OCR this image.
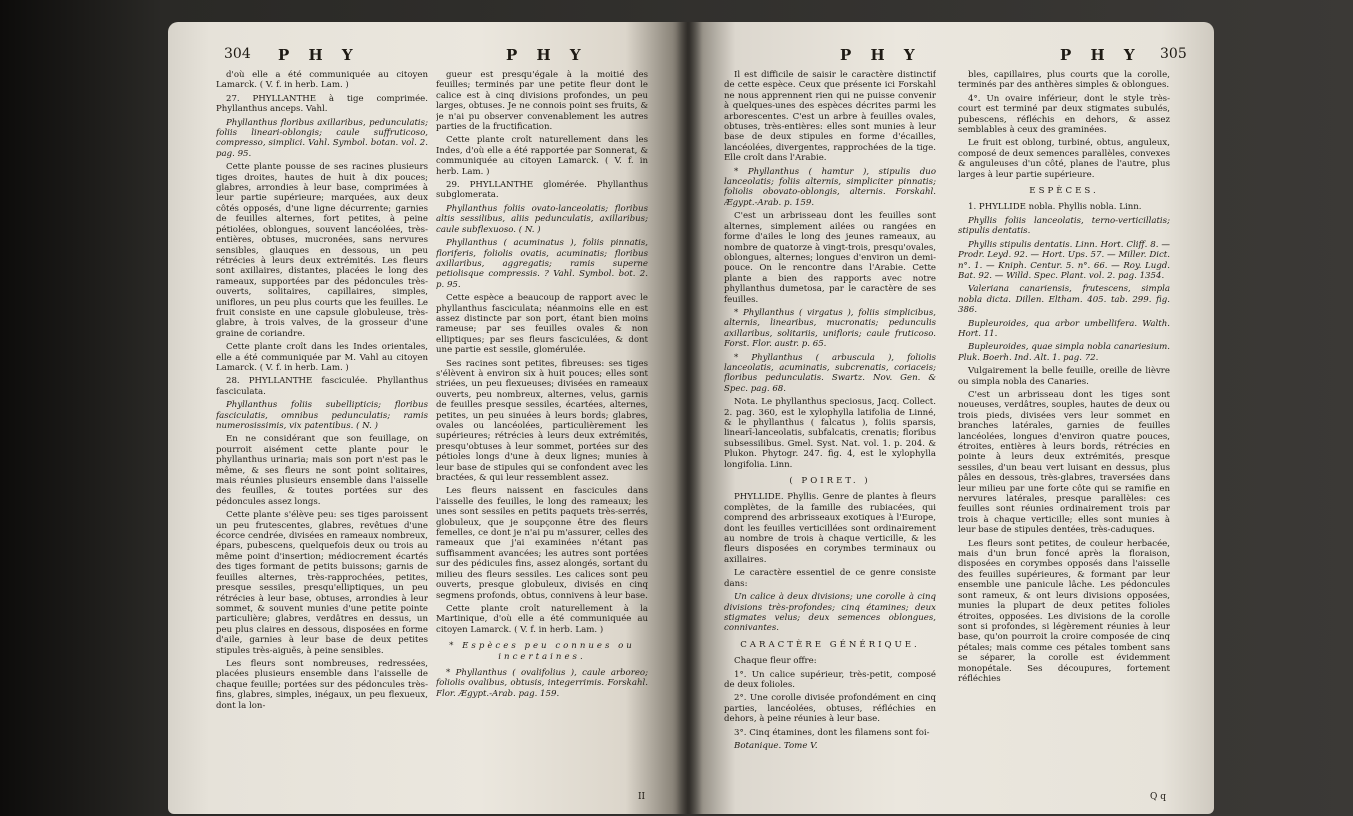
304 P H Y	P H Y

d'où elle a été communiquée au citoyen Lamarck. ( V. f. in herb. Lam. )

27. PHYLLANTHE à tige comprimée. Phyllanthus anceps. Vahl.

Phyllanthus floribus axillaribus, pedunculatis; foliis lineari-oblongis; caule suffruticoso, compresso, simplici. Vahl. Symbol. botan. vol. 2. pag. 95.

Cette plante pousse de ses racines plusieurs tiges droites, hautes de huit à dix pouces; glabres, arrondies à leur base, comprimées à leur partie supérieure; marquées, aux deux côtés opposés, d'une ligne décurrente; garnies de feuilles alternes, fort petites, à peine pétiolées, oblongues, souvent lancéolées, très-entières, obtuses, mucronées, sans nervures sensibles, glauques en dessous, un peu rétrécies à leurs deux extrémités. Les fleurs sont axillaires, distantes, placées le long des rameaux, supportées par des pédoncules très-ouverts, solitaires, capillaires, simples, uniflores, un peu plus courts que les feuilles. Le fruit consiste en une capsule globuleuse, très-glabre, à trois valves, de la grosseur d'une graine de coriandre.

Cette plante croît dans les Indes orientales, elle a été communiquée par M. Vahl au citoyen Lamarck. ( V. f. in herb. Lam. )

28. PHYLLANTHE fasciculée. Phyllanthus fasciculata.

Phyllanthus foliis subellipticis; floribus fasciculatis, omnibus pedunculatis; ramis numerosissimis, vix patentibus. ( N. )

En ne considérant que son feuillage, on pourroit aisément cette plante pour le phyllanthus urinaria; mais son port n'est pas le même, & ses fleurs ne sont point solitaires, mais réunies plusieurs ensemble dans l'aisselle des feuilles, & toutes portées sur des pédoncules assez longs.

Cette plante s'élève peu: ses tiges paroissent un peu frutescentes, glabres, revêtues d'une écorce cendrée, divisées en rameaux nombreux, épars, pubescens, quelquefois deux ou trois au même point d'insertion; médiocrement écartés des tiges formant de petits buissons; garnis de feuilles alternes, très-rapprochées, petites, presque sessiles, presqu'elliptiques, un peu rétrécies à leur base, obtuses, arrondies à leur sommet, & souvent munies d'une petite pointe particulière; glabres, verdâtres en dessus, un peu plus claires en dessous, disposées en forme d'aile, garnies à leur base de deux petites stipules très-aiguës, à peine sensibles.

Les fleurs sont nombreuses, redressées, placées plusieurs ensemble dans l'aisselle de chaque feuille; portées sur des pédoncules très-fins, glabres, simples, inégaux, un peu flexueux, dont la lon-

gueur est presqu'égale à la moitié des feuilles; terminés par une petite fleur dont le calice est à cinq divisions profondes, un peu larges, obtuses. Je ne connois point ses fruits, & je n'ai pu observer convenablement les autres parties de la fructification.

Cette plante croît naturellement dans les Indes, d'où elle a été rapportée par Sonnerat, & communiquée au citoyen Lamarck. ( V. f. in herb. Lam. )

29. PHYLLANTHE glomérée. Phyllanthus subglomerata.

Phyllanthus foliis ovato-lanceolatis; floribus altis sessilibus, aliis pedunculatis, axillaribus; caule subflexuoso. ( N. )

Phyllanthus ( acuminatus ), foliis pinnatis, floriferis, foliolis ovatis, acuminatis; floribus axillaribus, aggregatis; ramis superne petiolisque compressis. ? Vahl. Symbol. bot. 2. p. 95.

Cette espèce a beaucoup de rapport avec le phyllanthus fasciculata; néanmoins elle en est assez distincte par son port, étant bien moins rameuse; par ses feuilles ovales & non elliptiques; par ses fleurs fasciculées, & dont une partie est sessile, glomérulée.

Ses racines sont petites, fibreuses: ses tiges s'élèvent à environ six à huit pouces; elles sont striées, un peu flexueuses; divisées en rameaux ouverts, peu nombreux, alternes, velus, garnis de feuilles presque sessiles, écartées, alternes, petites, un peu sinuées à leurs bords; glabres, ovales ou lancéolées, particulièrement les supérieures; rétrécies à leurs deux extrémités, presqu'obtuses à leur sommet, portées sur des pétioles longs d'une à deux lignes; munies à leur base de stipules qui se confondent avec les bractées, & qui leur ressemblent assez.

Les fleurs naissent en fascicules dans l'aisselle des feuilles, le long des rameaux; les unes sont sessiles en petits paquets très-serrés, globuleux, que je soupçonne être des fleurs femelles, ce dont je n'ai pu m'assurer, celles des rameaux que j'ai examinées n'étant pas suffisamment avancées; les autres sont portées sur des pédicules fins, assez alongés, sortant du milieu des fleurs sessiles. Les calices sont peu ouverts, presque globuleux, divisés en cinq segmens profonds, obtus, connivens à leur base.

Cette plante croît naturellement à la Martinique, d'où elle a été communiquée au citoyen Lamarck. ( V. f. in herb. Lam. )

* Espèces peu connues ou incertaines.

* Phyllanthus ( ovalifolius ), caule arboreo; foliolis ovalibus, obtusis, integerrimis. Forskahl. Flor. Ægypt.-Arab. pag. 159.

II
P H Y	P H Y 305

Il est difficile de saisir le caractère distinctif de cette espèce. Ceux que présente ici Forskahl ne nous apprennent rien qui ne puisse convenir à quelques-unes des espèces décrites parmi les arborescentes. C'est un arbre à feuilles ovales, obtuses, très-entières: elles sont munies à leur base de deux stipules en forme d'écailles, lancéolées, divergentes, rapprochées de la tige. Elle croît dans l'Arabie.

* Phyllanthus ( hamtur ), stipulis duo lanceolatis; foliis alternis, simpliciter pinnatis; foliolis obovato-oblongis, alternis. Forskahl. Ægypt.-Arab. p. 159.

C'est un arbrisseau dont les feuilles sont alternes, simplement ailées ou rangées en forme d'ailes le long des jeunes rameaux, au nombre de quatorze à vingt-trois, presqu'ovales, oblongues, alternes; longues d'environ un demi-pouce. On le rencontre dans l'Arabie. Cette plante a bien des rapports avec notre phyllanthus dumetosa, par le caractère de ses feuilles.

* Phyllanthus ( virgatus ), foliis simplicibus, alternis, linearibus, mucronatis; pedunculis axillaribus, solitariis, unifloris; caule fruticoso. Forst. Flor. austr. p. 65.

* Phyllanthus ( arbuscula ), foliolis lanceolatis, acuminatis, subcrenatis, coriaceis; floribus pedunculatis. Swartz. Nov. Gen. & Spec. pag. 68.

Nota. Le phyllanthus speciosus, Jacq. Collect. 2. pag. 360, est le xylophylla latifolia de Linné, & le phyllanthus ( falcatus ), foliis sparsis, linearī-lanceolatis, subfalcatis, crenatis; floribus subsessilibus. Gmel. Syst. Nat. vol. 1. p. 204. & Plukon. Phytogr. 247. fig. 4, est le xylophylla longifolia. Linn.

( POIRET. )

PHYLLIDE. Phyllis. Genre de plantes à fleurs complètes, de la famille des rubiacées, qui comprend des arbrisseaux exotiques à l'Europe, dont les feuilles verticillées sont ordinairement au nombre de trois à chaque verticille, & les fleurs disposées en corymbes terminaux ou axillaires.

Le caractère essentiel de ce genre consiste dans:

Un calice à deux divisions; une corolle à cinq divisions très-profondes; cinq étamines; deux stigmates velus; deux semences oblongues, connivantes.

CARACTÈRE GÉNÉRIQUE.

Chaque fleur offre:

1°. Un calice supérieur, très-petit, composé de deux folioles.

2°. Une corolle divisée profondément en cinq parties, lancéolées, obtuses, réfléchies en dehors, à peine réunies à leur base.

3°. Cinq étamines, dont les filamens sont foi-

Botanique. Tome V.

bles, capillaires, plus courts que la corolle, terminés par des anthères simples & oblongues.

4°. Un ovaire inférieur, dont le style très-court est terminé par deux stigmates subulés, pubescens, réfléchis en dehors, & assez semblables à ceux des graminées.

Le fruit est oblong, turbiné, obtus, anguleux, composé de deux semences parallèles, convexes & anguleuses d'un côté, planes de l'autre, plus larges à leur partie supérieure.

ESPÈCES.

1. PHYLLIDE nobla. Phyllis nobla. Linn.

Phyllis foliis lanceolatis, terno-verticillatis; stipulis dentatis.

Phyllis stipulis dentatis. Linn. Hort. Cliff. 8. — Prodr. Leyd. 92. — Hort. Ups. 57. — Miller. Dict. n°. 1. — Kniph. Centur. 5. n°. 66. — Roy. Lugd. Bat. 92. — Willd. Spec. Plant. vol. 2. pag. 1354.

Valeriana canariensis, frutescens, simpla nobla dicta. Dillen. Eltham. 405. tab. 299. fig. 386.

Bupleuroides, qua arbor umbellifera. Walth. Hort. 11.

Bupleuroides, quae simpla nobla canariesium. Pluk. Boerh. Ind. Alt. 1. pag. 72.

Vulgairement la belle feuille, oreille de lièvre ou simpla nobla des Canaries.

C'est un arbrisseau dont les tiges sont noueuses, verdâtres, souples, hautes de deux ou trois pieds, divisées vers leur sommet en branches latérales, garnies de feuilles lancéolées, longues d'environ quatre pouces, étroites, entières à leurs bords, rétrécies en pointe à leurs deux extrémités, presque sessiles, d'un beau vert luisant en dessus, plus pâles en dessous, très-glabres, traversées dans leur milieu par une forte côte qui se ramifie en nervures latérales, presque parallèles: ces feuilles sont réunies ordinairement trois par trois à chaque verticille; elles sont munies à leur base de stipules dentées, très-caduques.

Les fleurs sont petites, de couleur herbacée, mais d'un brun foncé après la floraison, disposées en corymbes opposés dans l'aisselle des feuilles supérieures, & formant par leur ensemble une panicule lâche. Les pédoncules sont rameux, & ont leurs divisions opposées, munies la plupart de deux petites folioles étroites, opposées. Les divisions de la corolle sont si profondes, si légèrement réunies à leur base, qu'on pourroit la croire composée de cinq pétales; mais comme ces pétales tombent sans se séparer, la corolle est évidemment monopétale. Ses découpures, fortement réfléchies

Q q
